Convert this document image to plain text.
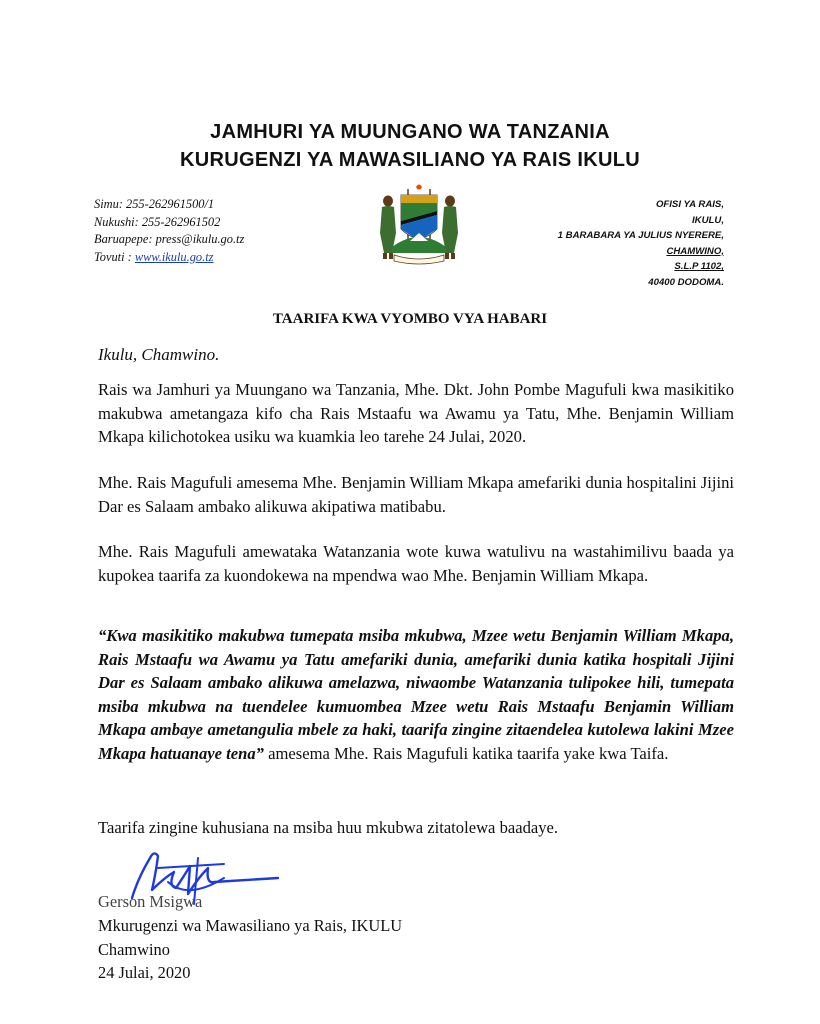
JAMHURI YA MUUNGANO WA TANZANIA
KURUGENZI YA MAWASILIANO YA RAIS IKULU
Simu: 255-262961500/1
Nukushi: 255-262961502
Baruapepe: press@ikulu.go.tz
Tovuti : www.ikulu.go.tz
OFISI YA RAIS,
IKULU,
1 BARABARA YA JULIUS NYERERE,
CHAMWINO,
S.L.P 1102,
40400 DODOMA.
TAARIFA KWA VYOMBO VYA HABARI
Ikulu, Chamwino.

Rais wa Jamhuri ya Muungano wa Tanzania, Mhe. Dkt. John Pombe Magufuli kwa masikitiko makubwa ametangaza kifo cha Rais Mstaafu wa Awamu ya Tatu, Mhe. Benjamin William Mkapa kilichotokea usiku wa kuamkia leo tarehe 24 Julai, 2020.

Mhe. Rais Magufuli amesema Mhe. Benjamin William Mkapa amefariki dunia hospitalini Jijini Dar es Salaam ambako alikuwa akipatiwa matibabu.

Mhe. Rais Magufuli amewataka Watanzania wote kuwa watulivu na wastahimilivu baada ya kupokea taarifa za kuondokewa na mpendwa wao Mhe. Benjamin William Mkapa.

“Kwa masikitiko makubwa tumepata msiba mkubwa, Mzee wetu Benjamin William Mkapa, Rais Mstaafu wa Awamu ya Tatu amefariki dunia, amefariki dunia katika hospitali Jijini Dar es Salaam ambako alikuwa amelazwa, niwaombe Watanzania tulipokee hili, tumepata msiba mkubwa na tuendelee kumuombea Mzee wetu Rais Mstaafu Benjamin William Mkapa ambaye ametangulia mbele za haki, taarifa zingine zitaendelea kutolewa lakini Mzee Mkapa hatuanaye tena” amesema Mhe. Rais Magufuli katika taarifa yake kwa Taifa.

Taarifa zingine kuhusiana na msiba huu mkubwa zitatolewa baadaye.

Gerson Msigwa
Mkurugenzi wa Mawasiliano ya Rais, IKULU
Chamwino
24 Julai, 2020
